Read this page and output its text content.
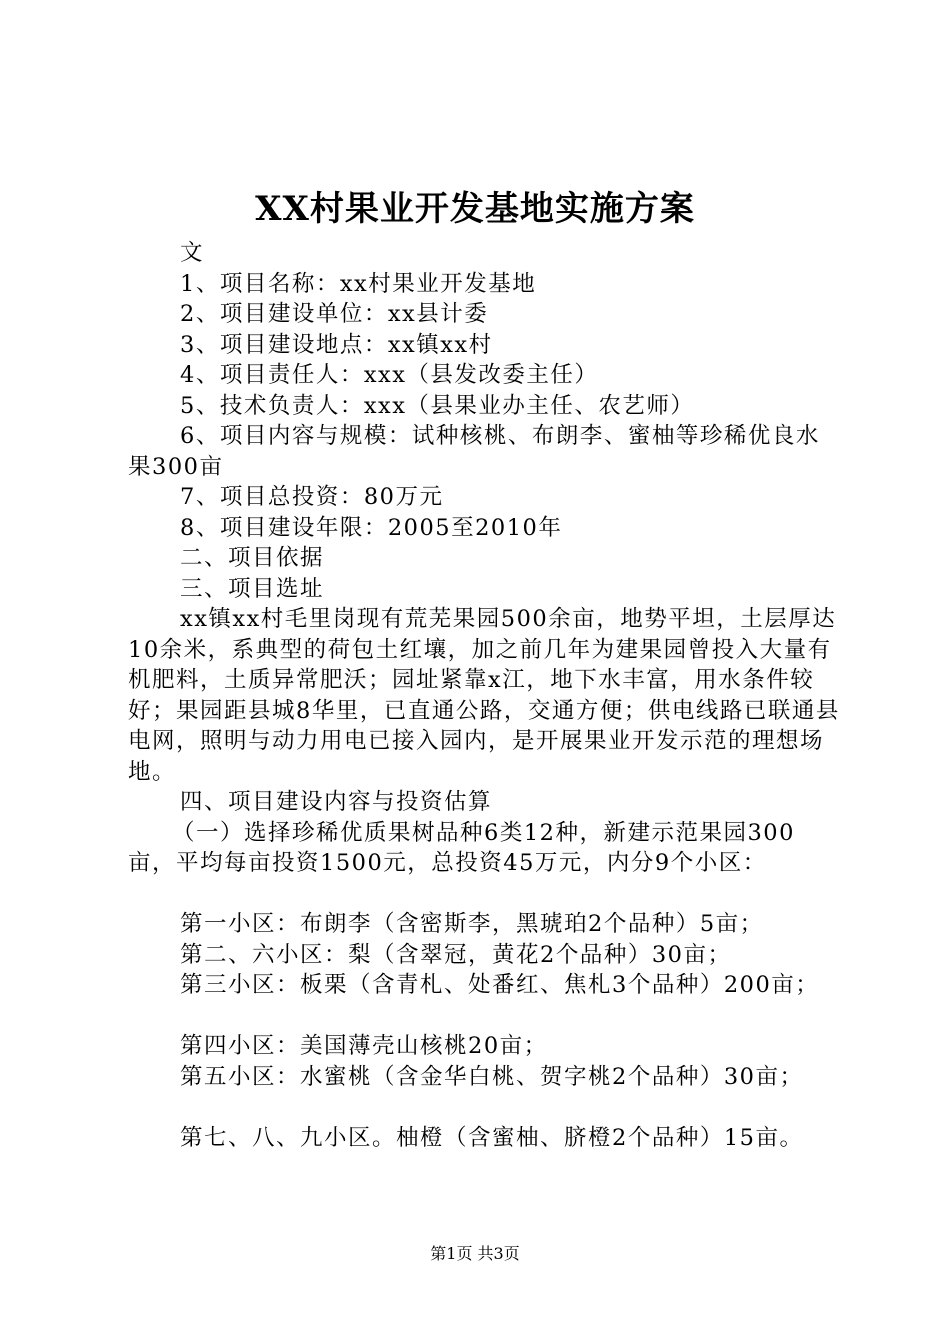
XX村果业开发基地实施方案

文

1、项目名称：xx村果业开发基地

2、项目建设单位：xx县计委

3、项目建设地点：xx镇xx村

4、项目责任人：xxx（县发改委主任）

5、技术负责人：xxx（县果业办主任、农艺师）

6、项目内容与规模：试种核桃、布朗李、蜜柚等珍稀优良水果300亩

7、项目总投资：80万元

8、项目建设年限：2005至2010年

二、项目依据

三、项目选址

xx镇xx村毛里岗现有荒芜果园500余亩，地势平坦，土层厚达10余米，系典型的荷包土红壤，加之前几年为建果园曾投入大量有机肥料，土质异常肥沃；园址紧靠x江，地下水丰富，用水条件较好；果园距县城8华里，已直通公路，交通方便；供电线路已联通县电网，照明与动力用电已接入园内，是开展果业开发示范的理想场地。

四、项目建设内容与投资估算

（一）选择珍稀优质果树品种6类12种，新建示范果园300亩，平均每亩投资1500元，总投资45万元，内分9个小区：

第一小区：布朗李（含密斯李，黑琥珀2个品种）5亩；

第二、六小区：梨（含翠冠，黄花2个品种）30亩；

第三小区：板栗（含青札、处番红、焦札3个品种）200亩；

第四小区：美国薄壳山核桃20亩；

第五小区：水蜜桃（含金华白桃、贺字桃2个品种）30亩；

第七、八、九小区。柚橙（含蜜柚、脐橙2个品种）15亩。

第1页 共3页
